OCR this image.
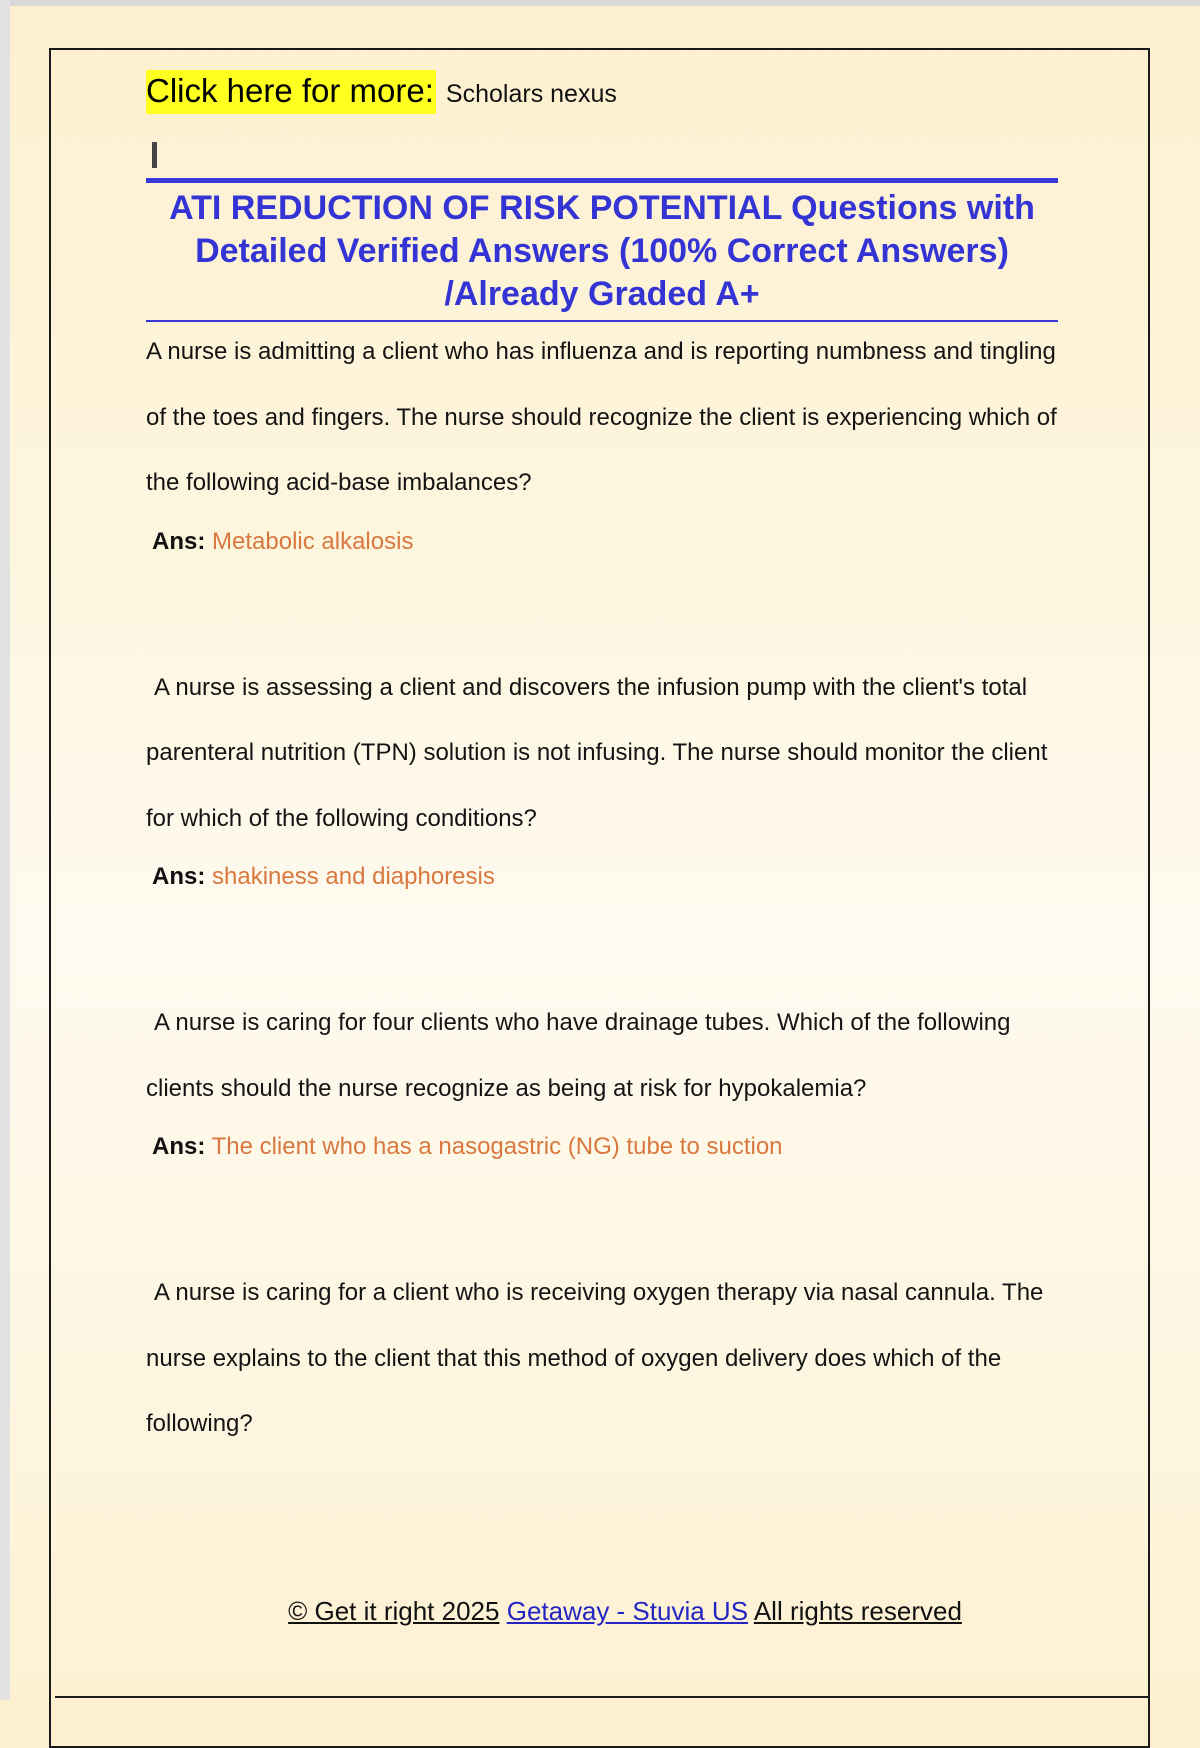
Click here for more: Scholars nexus
ATI REDUCTION OF RISK POTENTIAL Questions with Detailed Verified Answers (100% Correct Answers) /Already Graded A+
A nurse is admitting a client who has influenza and is reporting numbness and tingling of the toes and fingers. The nurse should recognize the client is experiencing which of the following acid-base imbalances?
Ans: Metabolic alkalosis
A nurse is assessing a client and discovers the infusion pump with the client's total parenteral nutrition (TPN) solution is not infusing. The nurse should monitor the client for which of the following conditions?
Ans: shakiness and diaphoresis
A nurse is caring for four clients who have drainage tubes. Which of the following clients should the nurse recognize as being at risk for hypokalemia?
Ans: The client who has a nasogastric (NG) tube to suction
A nurse is caring for a client who is receiving oxygen therapy via nasal cannula. The nurse explains to the client that this method of oxygen delivery does which of the following?
© Get it right 2025 Getaway - Stuvia US All rights reserved
